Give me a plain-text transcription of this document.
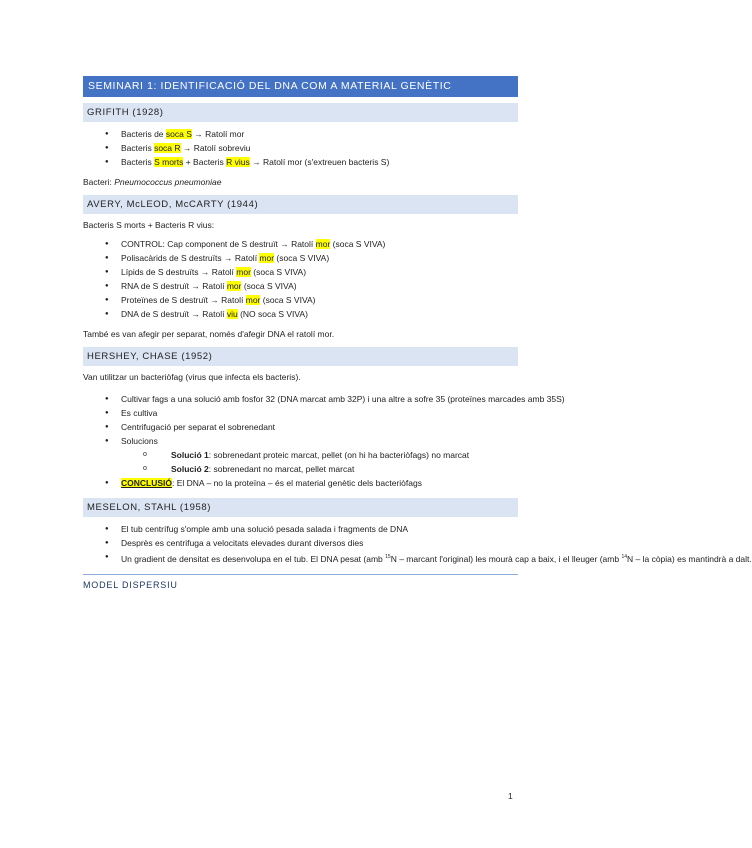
SEMINARI 1: IDENTIFICACIÓ DEL DNA COM A MATERIAL GENÈTIC
GRIFITH (1928)
● Bacteris de soca S → Ratolí mor
● Bacteris soca R → Ratolí sobreviu
● Bacteris S morts + Bacteris R vius → Ratolí mor (s'extreuen bacteris S)

Bacteri: Pneumococcus pneumoniae

AVERY, McLEOD, McCARTY (1944)

Bacteris S morts + Bacteris R vius:

● CONTROL: Cap component de S destruït → Ratolí mor (soca S VIVA)
● Polisacàrids de S destruïts → Ratolí mor (soca S VIVA)
● Lípids de S destruïts → Ratolí mor (soca S VIVA)
● RNA de S destruït → Ratolí mor (soca S VIVA)
● Proteïnes de S destruït → Ratolí mor (soca S VIVA)
● DNA de S destruït → Ratolí viu (NO soca S VIVA)

També es van afegir per separat, només d'afegir DNA el ratolí mor.

HERSHEY, CHASE (1952)

Van utilitzar un bacteriòfag (virus que infecta els bacteris).

● Cultivar fags a una solució amb fosfor 32 (DNA marcat amb 32P) i una altre a sofre 35 (proteïnes marcades amb 35S)
● Es cultiva
● Centrifugació per separat el sobrenedant
● Solucions
o Solució 1: sobrenedant proteic marcat, pellet (on hi ha bacteriòfags) no marcat
o Solució 2: sobrenedant no marcat, pellet marcat
● CONCLUSIÓ: El DNA – no la proteïna – és el material genètic dels bacteriòfags
MESELON, STAHL (1958)
● El tub centrífug s'omple amb una solució pesada salada i fragments de DNA
● Desprès es centrifuga a velocitats elevades durant diversos dies
● Un gradient de densitat es desenvolupa en el tub. El DNA pesat (amb $^{15}$N – marcant l'original) les mourà cap a baix, i el lleuger (amb $^{14}$N – la còpia) es mantindrà a dalt.
MODEL DISPERSIU
1
